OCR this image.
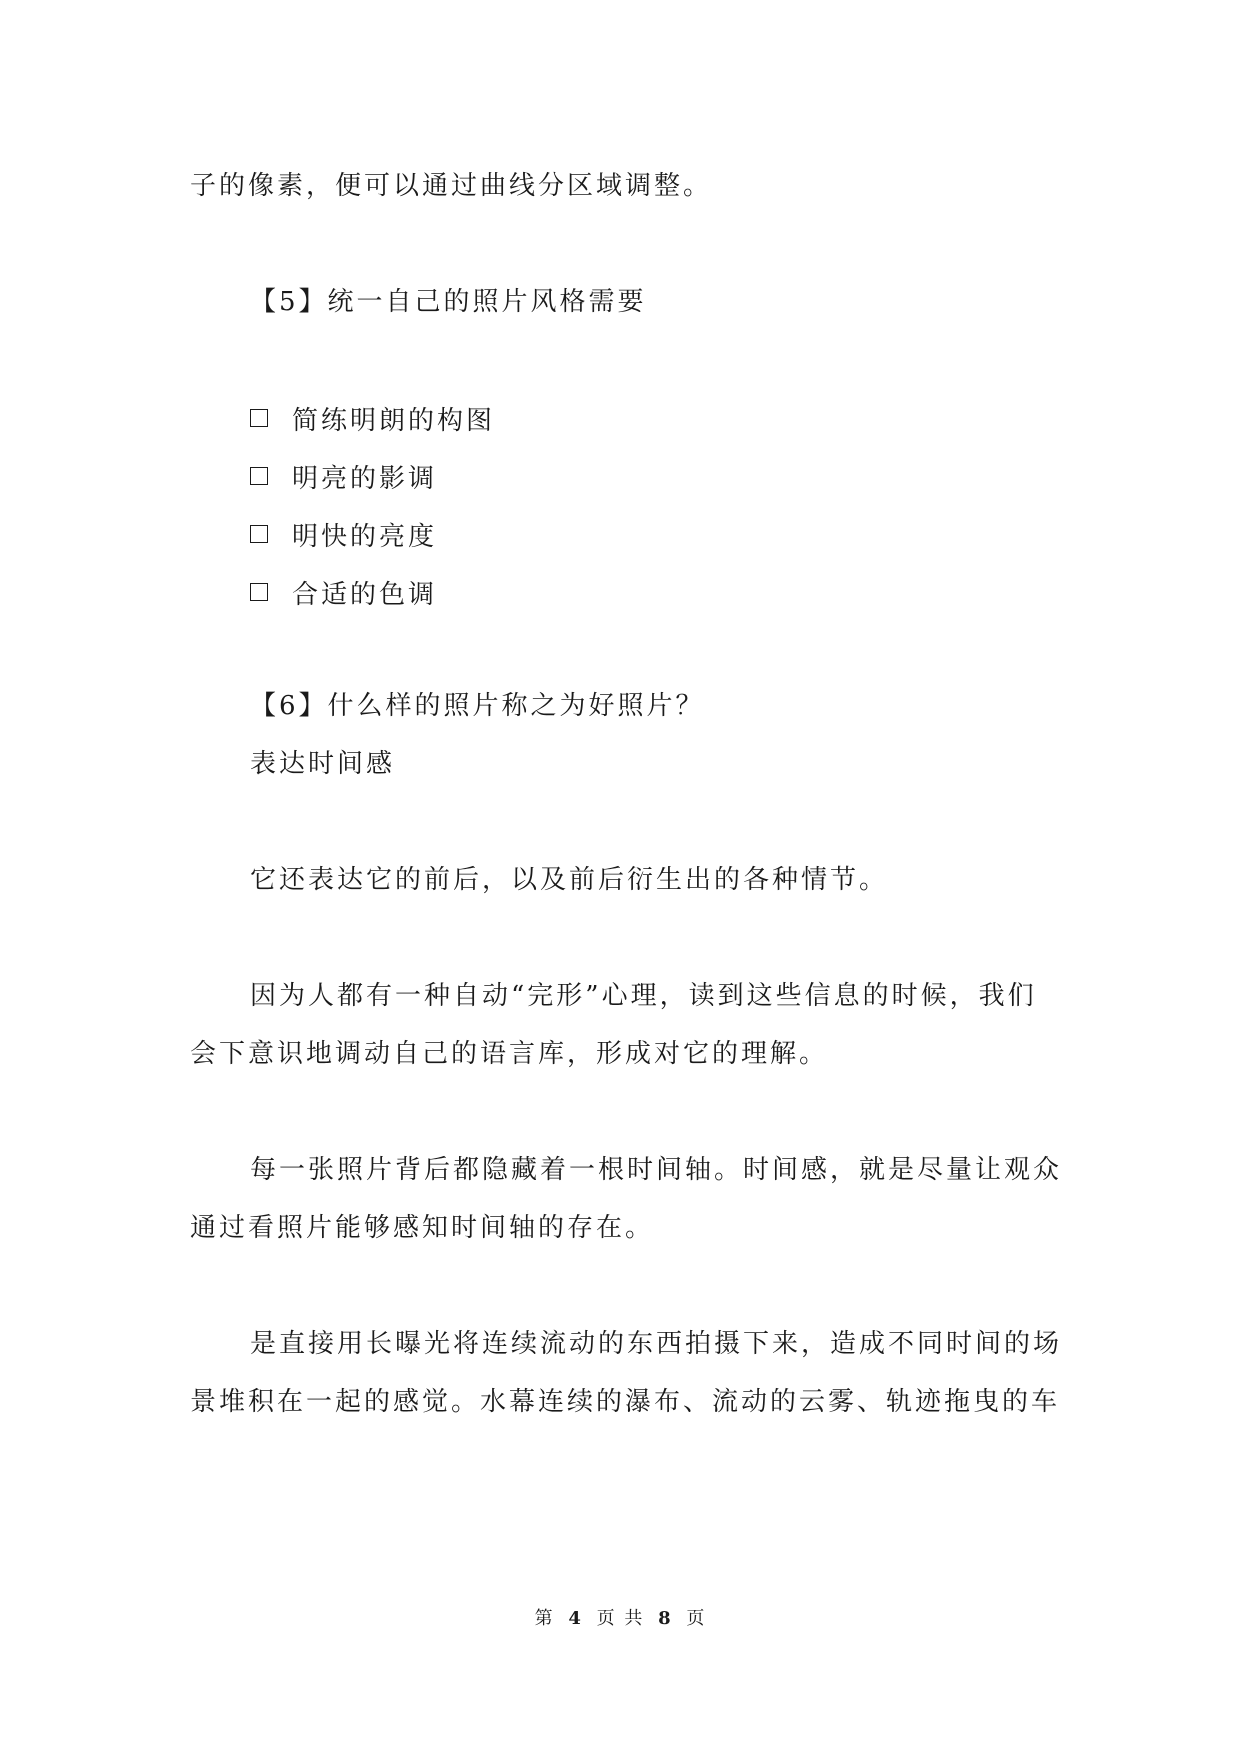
子的像素，便可以通过曲线分区域调整。
【5】统一自己的照片风格需要
简练明朗的构图
明亮的影调
明快的亮度
合适的色调
【6】什么样的照片称之为好照片？
表达时间感
它还表达它的前后，以及前后衍生出的各种情节。
因为人都有一种自动“完形”心理，读到这些信息的时候，我们
会下意识地调动自己的语言库，形成对它的理解。
每一张照片背后都隐藏着一根时间轴。时间感，就是尽量让观众
通过看照片能够感知时间轴的存在。
是直接用长曝光将连续流动的东西拍摄下来，造成不同时间的场
景堆积在一起的感觉。水幕连续的瀑布、流动的云雾、轨迹拖曳的车
第 4 页 共 8 页
